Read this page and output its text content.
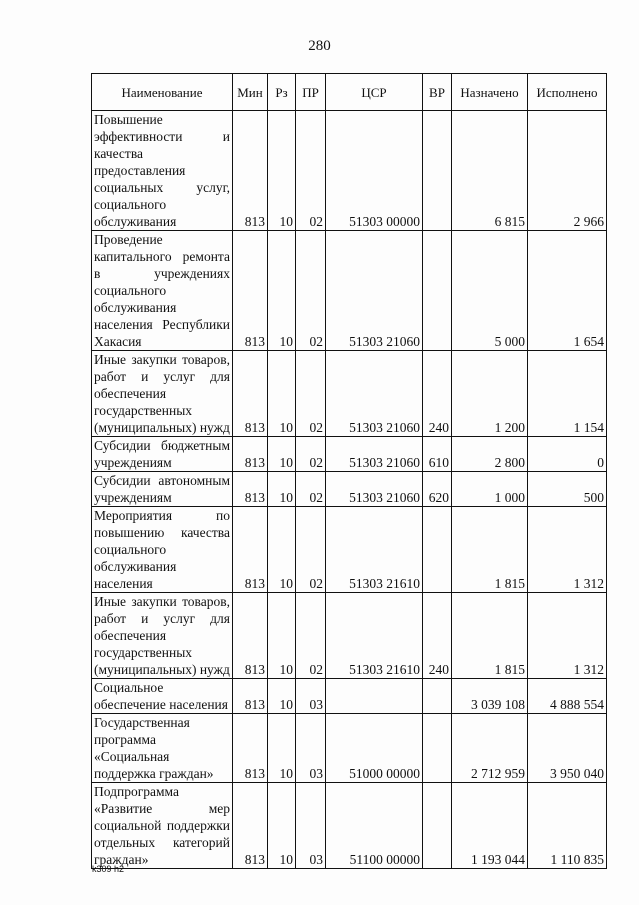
280
Наименование	Мин	Рз	ПР	ЦСР	ВР	Назначено	Исполнено
Повышение эффективности и качества предоставления социальных услуг, социального обслуживания	813	10	02	51303 00000		6 815	2 966
Проведение капитального ремонта в учреждениях социального обслуживания населения Республики Хакасия	813	10	02	51303 21060		5 000	1 654
Иные закупки товаров, работ и услуг для обеспечения государственных (муниципальных) нужд	813	10	02	51303 21060	240	1 200	1 154
Субсидии бюджетным учреждениям	813	10	02	51303 21060	610	2 800	0
Субсидии автономным учреждениям	813	10	02	51303 21060	620	1 000	500
Мероприятия по повышению качества социального обслуживания населения	813	10	02	51303 21610		1 815	1 312
Иные закупки товаров, работ и услуг для обеспечения государственных (муниципальных) нужд	813	10	02	51303 21610	240	1 815	1 312
Социальное обеспечение населения	813	10	03			3 039 108	4 888 554
Государственная программа «Социальная поддержка граждан»	813	10	03	51000 00000		2 712 959	3 950 040
Подпрограмма «Развитие мер социальной поддержки отдельных категорий граждан»	813	10	03	51100 00000		1 193 044	1 110 835
k309 h2
